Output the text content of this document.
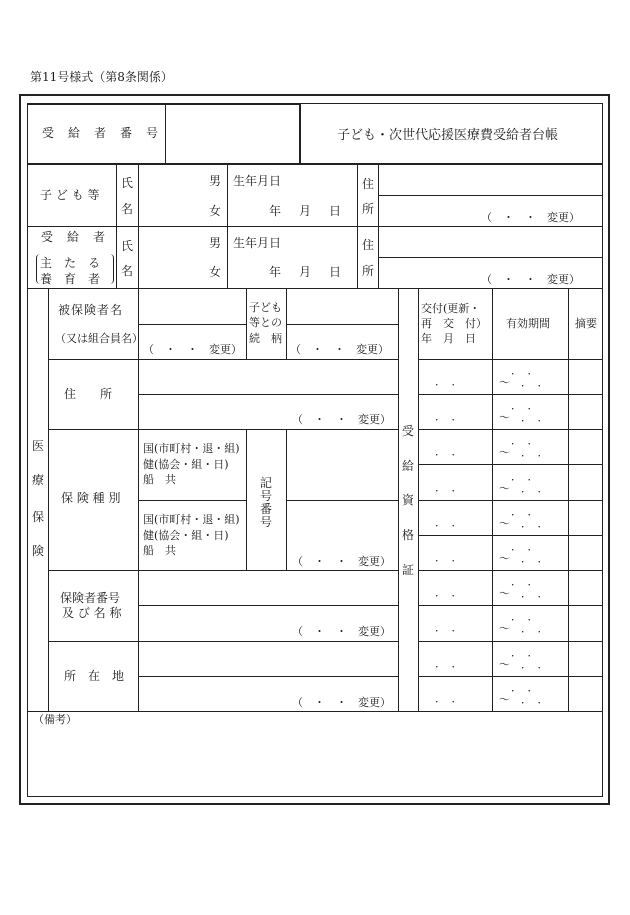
第11号様式（第8条関係）
受　給　者　番　号	子ども・次世代応援医療費受給者台帳
子 ど も 等
氏
名
男
女
生年月日
年　月　日
住
所
（　・　・　変更）
受　給　者
主　た　る
養　育　者
氏
名
男
女
生年月日
年　月　日
住
所
（　・　・　変更）
医
療
保
険
被保険者名
（又は組合員名）
（　・　・　変更）
子ども
等との
続　柄
（　・　・　変更）
住　　所
（　・　・　変更）
保 険 種 別
国(市町村・退・組)
健(協会・組・日)
船　共
国(市町村・退・組)
健(協会・組・日)
船　共
記
号
番
号
（　・　・　変更）
保険者番号
及 び 名 称
（　・　・　変更）
所　在　地
（　・　・　変更）
受
給
資
格
証
交付(更新・
再　交　付）
年　月　日
有効期間 摘要
．　．
．　．
〜　．　．
．　．
．　．
〜　．　．
．　．
．　．
〜　．　．
．　．
．　．
〜　．　．
．　．
．　．
〜　．　．
．　．
．　．
〜　．　．
．　．
．　．
〜　．　．
．　．
．　．
〜　．　．
．　．
．　．
〜　．　．
．　．
．　．
〜　．　．
（備考）
